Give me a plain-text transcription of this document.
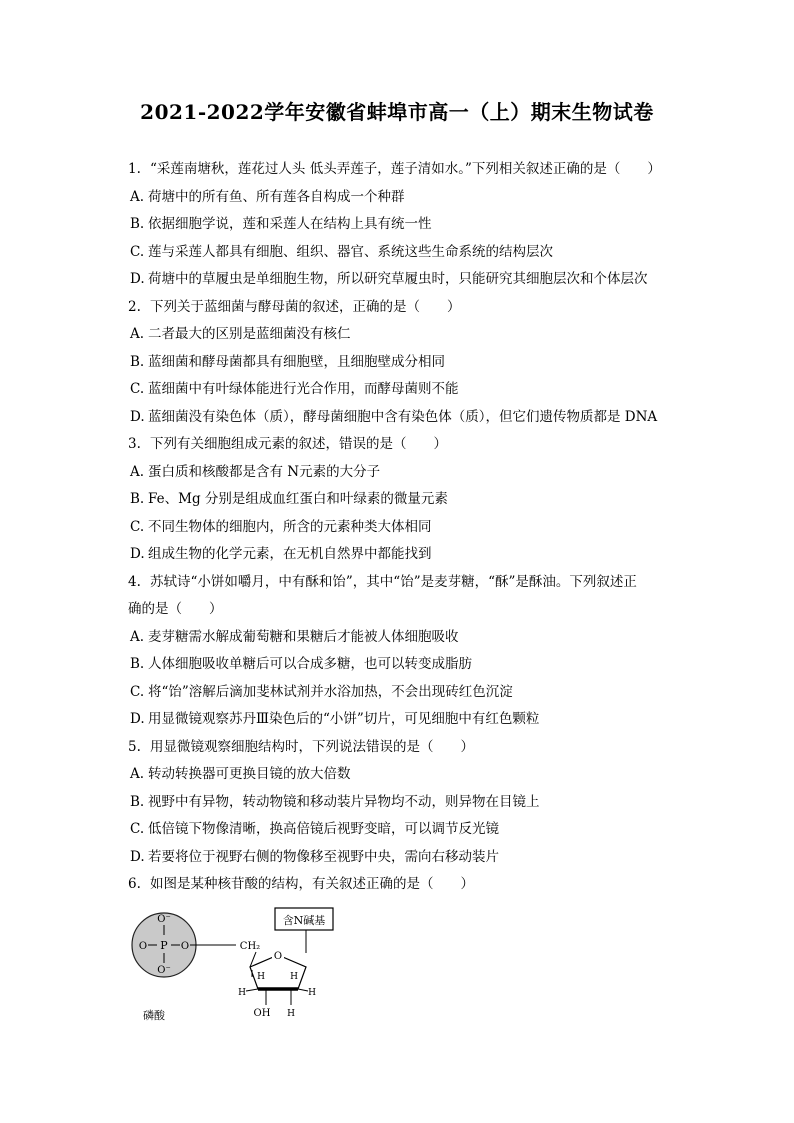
2021-2022学年安徽省蚌埠市高一（上）期末生物试卷
1. “采莲南塘秋，莲花过人头 低头弄莲子，莲子清如水。”下列相关叙述正确的是（　　）
A. 荷塘中的所有鱼、所有莲各自构成一个种群
B. 依据细胞学说，莲和采莲人在结构上具有统一性
C. 莲与采莲人都具有细胞、组织、器官、系统这些生命系统的结构层次
D. 荷塘中的草履虫是单细胞生物，所以研究草履虫时，只能研究其细胞层次和个体层次
2. 下列关于蓝细菌与酵母菌的叙述，正确的是（　　）
A. 二者最大的区别是蓝细菌没有核仁
B. 蓝细菌和酵母菌都具有细胞壁，且细胞壁成分相同
C. 蓝细菌中有叶绿体能进行光合作用，而酵母菌则不能
D. 蓝细菌没有染色体（质），酵母菌细胞中含有染色体（质），但它们遗传物质都是 DNA
3. 下列有关细胞组成元素的叙述，错误的是（　　）
A. 蛋白质和核酸都是含有 N元素的大分子
B. Fe、Mg 分别是组成血红蛋白和叶绿素的微量元素
C. 不同生物体的细胞内，所含的元素种类大体相同
D. 组成生物的化学元素，在无机自然界中都能找到
4. 苏轼诗“小饼如嚼月，中有酥和饴”，其中“饴”是麦芽糖，“酥”是酥油。下列叙述正
确的是（　　）
A. 麦芽糖需水解成葡萄糖和果糖后才能被人体细胞吸收
B. 人体细胞吸收单糖后可以合成多糖，也可以转变成脂肪
C. 将“饴”溶解后滴加斐林试剂并水浴加热，不会出现砖红色沉淀
D. 用显微镜观察苏丹Ⅲ染色后的“小饼”切片，可见细胞中有红色颗粒
5. 用显微镜观察细胞结构时，下列说法错误的是（　　）
A. 转动转换器可更换目镜的放大倍数
B. 视野中有异物，转动物镜和移动装片异物均不动，则异物在目镜上
C. 低倍镜下物像清晰，换高倍镜后视野变暗，可以调节反光镜
D. 若要将位于视野右侧的物像移至视野中央，需向右移动装片
6. 如图是某种核苷酸的结构，有关叙述正确的是（　　）
O⁻
O P O
O⁻
磷酸
CH₂
含N碱基
O
H	H
H	H
OH H
